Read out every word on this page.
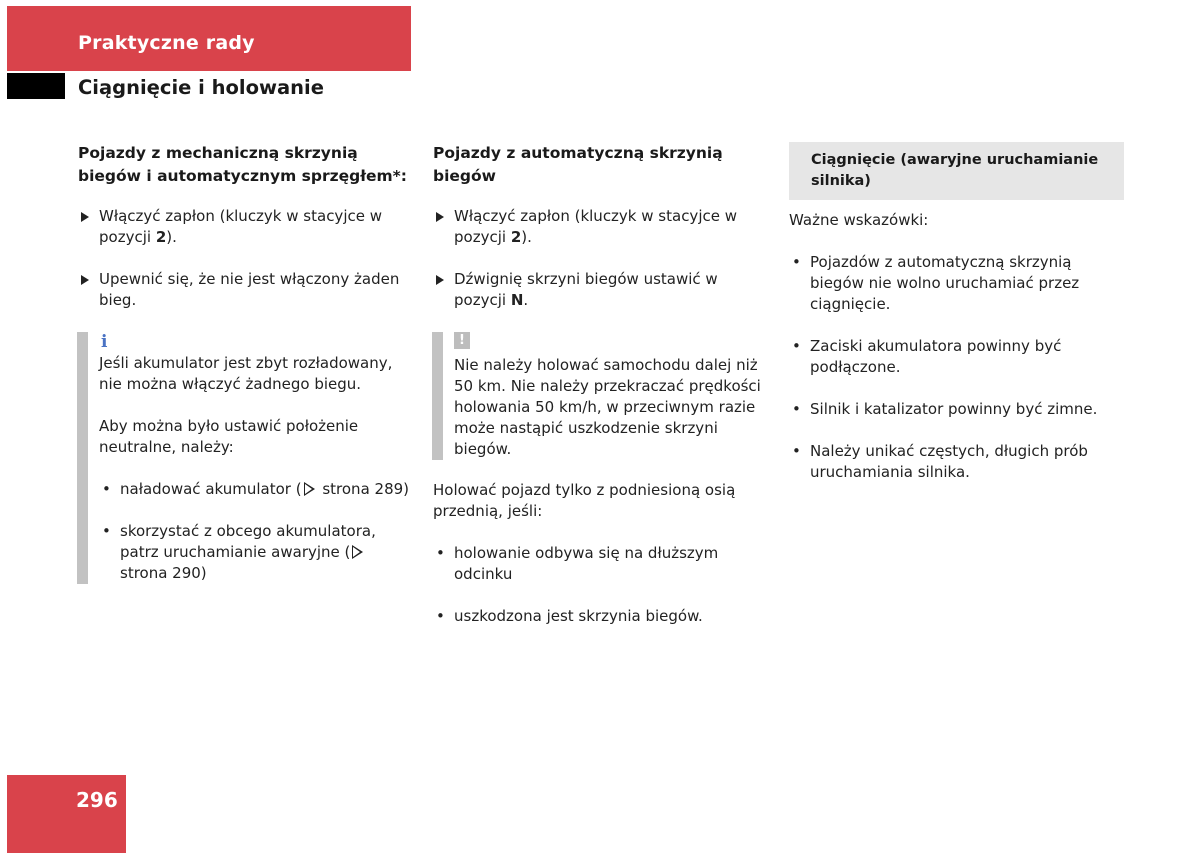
Praktyczne rady
Ciągnięcie i holowanie
Pojazdy z mechaniczną skrzynią biegów i automatycznym sprzęgłem*:
Włączyć zapłon (kluczyk w stacyjce w pozycji 2).
Upewnić się, że nie jest włączony żaden bieg.
i

Jeśli akumulator jest zbyt rozładowany, nie można włączyć żadnego biegu.

Aby można było ustawić położenie neutralne, należy:

• naładować akumulator ( strona 289)
• skorzystać z obcego akumulatora, patrz uruchamianie awaryjne ( strona 290)
Pojazdy z automatyczną skrzynią biegów
Włączyć zapłon (kluczyk w stacyjce w pozycji 2).
Dźwignię skrzyni biegów ustawić w pozycji N.
!

Nie należy holować samochodu dalej niż 50 km. Nie należy przekraczać prędkości holowania 50 km/h, w przeciwnym razie może nastąpić uszkodzenie skrzyni biegów.

Holować pojazd tylko z podniesioną osią przednią, jeśli:

• holowanie odbywa się na dłuższym odcinku
• uszkodzona jest skrzynia biegów.
Ciągnięcie (awaryjne uruchamianie silnika)

Ważne wskazówki:

• Pojazdów z automatyczną skrzynią biegów nie wolno uruchamiać przez ciągnięcie.
• Zaciski akumulatora powinny być podłączone.
• Silnik i katalizator powinny być zimne.
• Należy unikać częstych, długich prób uruchamiania silnika.
296
